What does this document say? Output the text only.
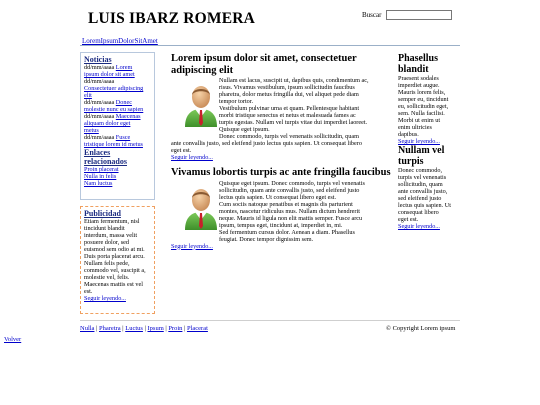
LUIS IBARZ ROMERA	Buscar
LoremIpsumDolorSitAmet
Noticias
dd/mm/aaaa Lorem
ipsum dolor sit amet
dd/mm/aaaa
Consectetuer adipiscing
elit
dd/mm/aaaa Donec
molestie nunc eu sapien
dd/mm/aaaa Maecenas
aliquam dolor eget
metus
dd/mm/aaaa Fusce
tristique lorem id metus
Enlaces
relacionados
Proin placerat
Nulla in felis
Nam luctus
Publicidad
Etiam fermentum, nisl
tincidunt blandit
interdum, massa velit
posuere dolor, sed
euismod sem odio at mi.
Duis porta placerat arcu.
Nullam felis pede,
commodo vel, suscipit a,
molestie vel, felis.
Maecenas mattis est vel
est.
Seguir leyendo...
Lorem ipsum dolor sit amet, consectetuer adipiscing elit
Nullam est lacus, suscipit ut, dapibus quis, condimentum ac,
risus. Vivamus vestibulum, ipsum sollicitudin faucibus
pharetra, dolor metus fringilla dui, vel aliquet pede diam
tempor tortor.
Vestibulum pulvinar urna et quam. Pellentesque habitant
morbi tristique senectus et netus et malesuada fames ac
turpis egestas. Nullam vel turpis vitae dui imperdiet laoreet.
Quisque eget ipsum.
Donec commodo, turpis vel venenatis sollicitudin, quam
ante convallis justo, sed eleifend justo lectus quis sapien. Ut consequat libero
eget est.
Seguir leyendo...
Vivamus lobortis turpis ac ante fringilla faucibus
Quisque eget ipsum. Donec commodo, turpis vel venenatis
sollicitudin, quam ante convallis justo, sed eleifend justo
lectus quis sapien. Ut consequat libero eget est.
Cum sociis natoque penatibus et magnis dis parturient
montes, nascetur ridiculus mus. Nullam dictum hendrerit
neque. Mauris id ligula non elit mattis semper. Fusce arcu
ipsum, tempus eget, tincidunt at, imperdiet in, mi.
Sed fermentum cursus dolor. Aenean a diam. Phasellus
feugiat. Donec tempor dignissim sem.
Seguir leyendo...
Phasellus
blandit
Praesent sodales
imperdiet augue.
Mauris lorem felis,
semper eu, tincidunt
eu, sollicitudin eget,
sem. Nulla facilisi.
Morbi ut enim ut
enim ultricies
dapibus.
Seguir leyendo...
Nullam vel
turpis
Donec commodo,
turpis vel venenatis
sollicitudin, quam
ante convallis justo,
sed eleifend justo
lectus quis sapien. Ut
consequat libero
eget est.
Seguir leyendo...
Nulla | Pharetra | Luctus | Ipsum | Proin | Placerat	© Copyright Lorem ipsum
Volver
